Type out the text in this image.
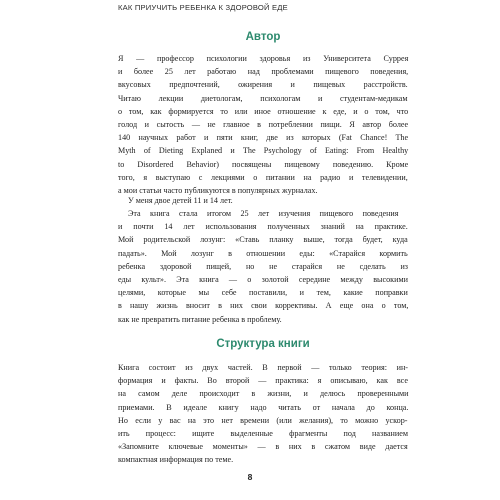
КАК ПРИУЧИТЬ РЕБЕНКА К ЗДОРОВОЙ ЕДЕ
Автор
Я — профессор психологии здоровья из Университета Суррея
и более 25 лет работаю над проблемами пищевого поведения,
вкусовых предпочтений, ожирения и пищевых расстройств.
Читаю лекции диетологам, психологам и студентам-медикам
о том, как формируется то или иное отношение к еде, и о том, что
голод и сытость — не главное в потреблении пищи. Я автор более
140 научных работ и пяти книг, две из которых (Fat Chance! The
Myth of Dieting Explaned и The Psychology of Eating: From Healthy
to Disordered Behavior) посвящены пищевому поведению. Кроме
того, я выступаю с лекциями о питании на радио и телевидении,
а мои статьи часто публикуются в популярных журналах.
У меня двое детей 11 и 14 лет.
Эта книга стала итогом 25 лет изучения пищевого поведения
и почти 14 лет использования полученных знаний на практике.
Мой родительской лозунг: «Ставь планку выше, тогда будет, куда
падать». Мой лозунг в отношении еды: «Старайся кормить
ребенка здоровой пищей, но не старайся не сделать из
еды культ». Эта книга — о золотой середине между высокими
целями, которые мы себе поставили, и тем, какие поправки
в нашу жизнь вносит в них свои коррективы. А еще она о том,
как не превратить питание ребенка в проблему.
Структура книги
Книга состоит из двух частей. В первой — только теория: ин-
формация и факты. Во второй — практика: я описываю, как все
на самом деле происходит в жизни, и делюсь проверенными
приемами. В идеале книгу надо читать от начала до конца.
Но если у вас на это нет времени (или желания), то можно ускор-
ить процесс: ищите выделенные фрагменты под названием
«Запомните ключевые моменты» — в них в сжатом виде дается
компактная информация по теме.
8
